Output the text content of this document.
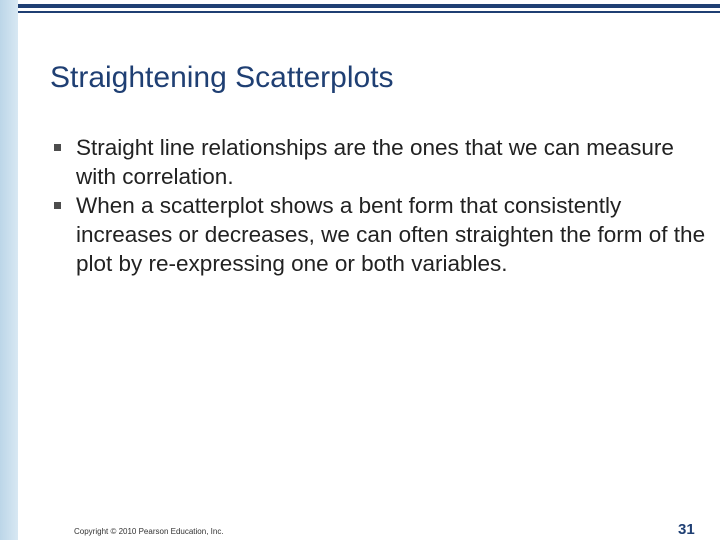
Straightening Scatterplots
Straight line relationships are the ones that we can measure with correlation.
When a scatterplot shows a bent form that consistently increases or decreases, we can often straighten the form of the plot by re-expressing one or both variables.
Copyright © 2010 Pearson Education, Inc.	31
